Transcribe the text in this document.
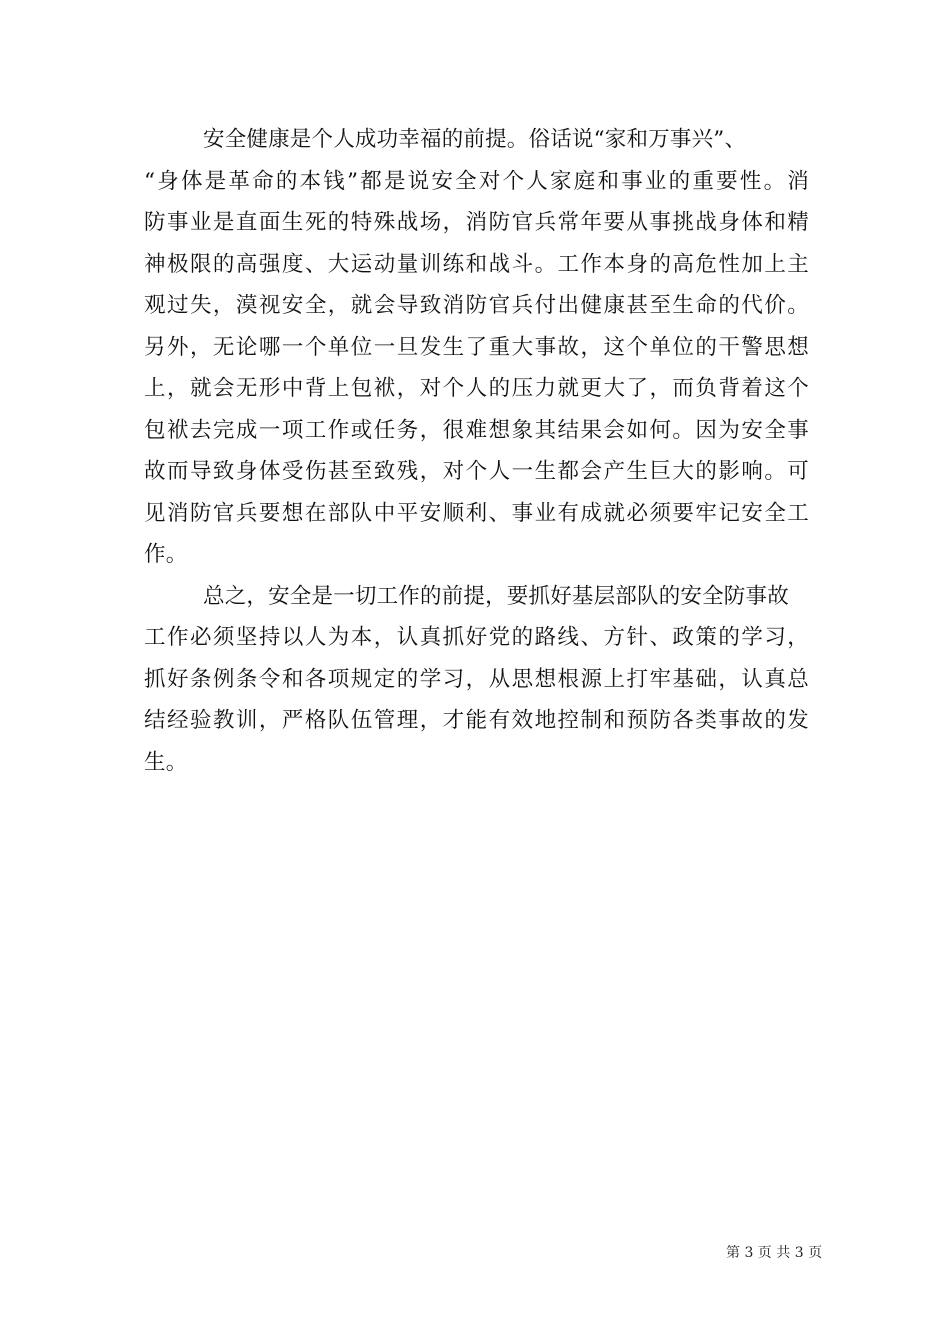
安全健康是个人成功幸福的前提。俗话说“家和万事兴”、
“身体是革命的本钱”都是说安全对个人家庭和事业的重要性。消
防事业是直面生死的特殊战场，消防官兵常年要从事挑战身体和精
神极限的高强度、大运动量训练和战斗。工作本身的高危性加上主
观过失，漠视安全，就会导致消防官兵付出健康甚至生命的代价。
另外，无论哪一个单位一旦发生了重大事故，这个单位的干警思想
上，就会无形中背上包袱，对个人的压力就更大了，而负背着这个
包袱去完成一项工作或任务，很难想象其结果会如何。因为安全事
故而导致身体受伤甚至致残，对个人一生都会产生巨大的影响。可
见消防官兵要想在部队中平安顺利、事业有成就必须要牢记安全工
作。
总之，安全是一切工作的前提，要抓好基层部队的安全防事故
工作必须坚持以人为本，认真抓好党的路线、方针、政策的学习，
抓好条例条令和各项规定的学习，从思想根源上打牢基础，认真总
结经验教训，严格队伍管理，才能有效地控制和预防各类事故的发
生。
第 3 页 共 3 页
